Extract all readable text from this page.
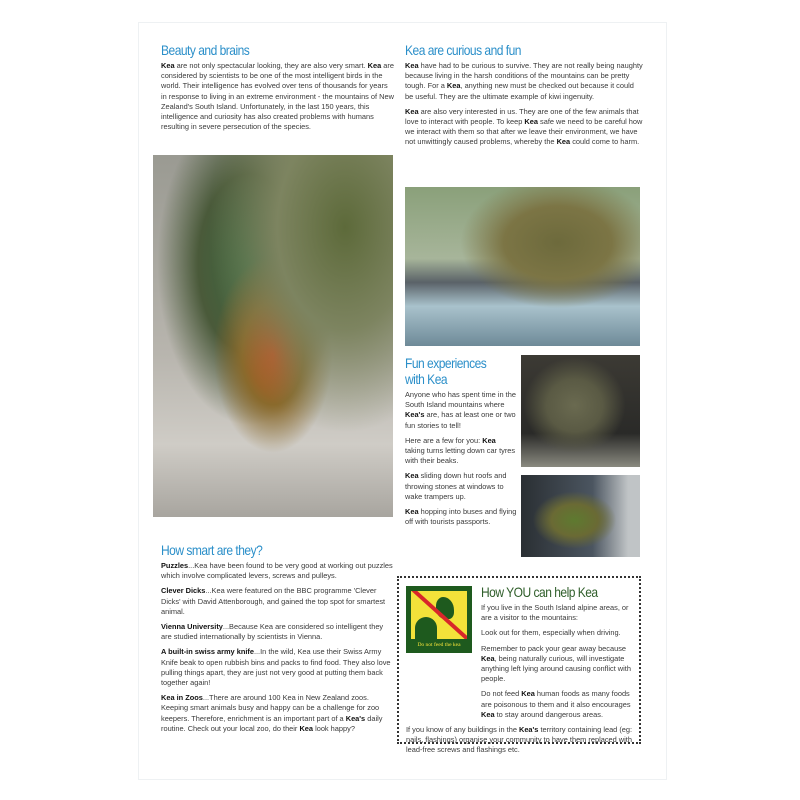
Beauty and brains

Kea are not only spectacular looking, they are also very smart. Kea are considered by scientists to be one of the most intelligent birds in the world. Their intelligence has evolved over tens of thousands for years in response to living in an extreme environment - the mountains of New Zealand's South Island. Unfortunately, in the last 150 years, this intelligence and curiosity has also created problems with humans resulting in severe persecution of the species.

Kea are curious and fun

Kea have had to be curious to survive. They are not really being naughty because living in the harsh conditions of the mountains can be pretty tough. For a Kea, anything new must be checked out because it could be useful. They are the ultimate example of kiwi ingenuity.

Kea are also very interested in us. They are one of the few animals that love to interact with people. To keep Kea safe we need to be careful how we interact with them so that after we leave their environment, we have not unwittingly caused problems, whereby the Kea could come to harm.

Fun experiences with Kea

Anyone who has spent time in the South Island mountains where Kea's are, has at least one or two fun stories to tell!

Here are a few for you: Kea taking turns letting down car tyres with their beaks.

Kea sliding down hut roofs and throwing stones at windows to wake trampers up.

Kea hopping into buses and flying off with tourists passports.

How smart are they?

Puzzles...Kea have been found to be very good at working out puzzles which involve complicated levers, screws and pulleys.

Clever Dicks...Kea were featured on the BBC programme 'Clever Dicks' with David Attenborough, and gained the top spot for smartest animal.

Vienna University...Because Kea are considered so intelligent they are studied internationally by scientists in Vienna.

A built-in swiss army knife...In the wild, Kea use their Swiss Army Knife beak to open rubbish bins and packs to find food. They also love pulling things apart, they are just not very good at putting them back together again!

Kea in Zoos...There are around 100 Kea in New Zealand zoos. Keeping smart animals busy and happy can be a challenge for zoo keepers. Therefore, enrichment is an important part of a Kea's daily routine. Check out your local zoo, do their Kea look happy?

Do not feed the kea
How YOU can help Kea

If you live in the South Island alpine areas, or are a visitor to the mountains:

Look out for them, especially when driving.

Remember to pack your gear away because Kea, being naturally curious, will investigate anything left lying around causing conflict with people.

Do not feed Kea human foods as many foods are poisonous to them and it also encourages Kea to stay around dangerous areas.

If you know of any buildings in the Kea's territory containing lead (eg: nails, flashings) organise your community to have them replaced with lead-free screws and flashings etc.
